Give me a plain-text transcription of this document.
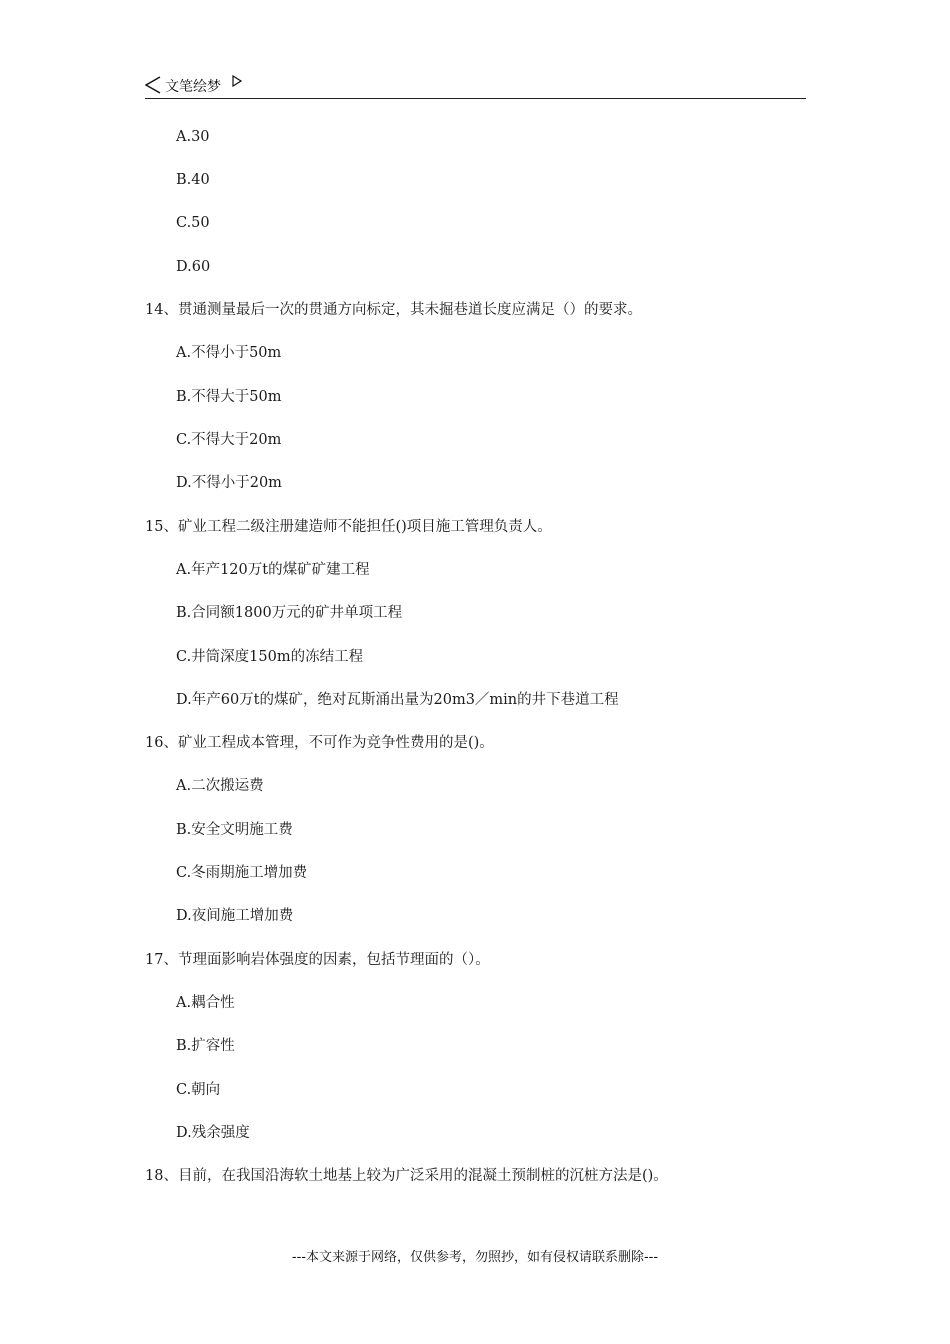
文笔绘梦
A.30
B.40
C.50
D.60
14、贯通测量最后一次的贯通方向标定，其未掘巷道长度应满足（）的要求。
A.不得小于50m
B.不得大于50m
C.不得大于20m
D.不得小于20m
15、矿业工程二级注册建造师不能担任()项目施工管理负责人。
A.年产120万t的煤矿矿建工程
B.合同额1800万元的矿井单项工程
C.井筒深度150m的冻结工程
D.年产60万t的煤矿，绝对瓦斯涌出量为20m3／min的井下巷道工程
16、矿业工程成本管理，不可作为竞争性费用的是()。
A.二次搬运费
B.安全文明施工费
C.冬雨期施工增加费
D.夜间施工增加费
17、节理面影响岩体强度的因素，包括节理面的（）。
A.耦合性
B.扩容性
C.朝向
D.残余强度
18、目前，在我国沿海软土地基上较为广泛采用的混凝土预制桩的沉桩方法是()。
---本文来源于网络，仅供参考，勿照抄，如有侵权请联系删除---
